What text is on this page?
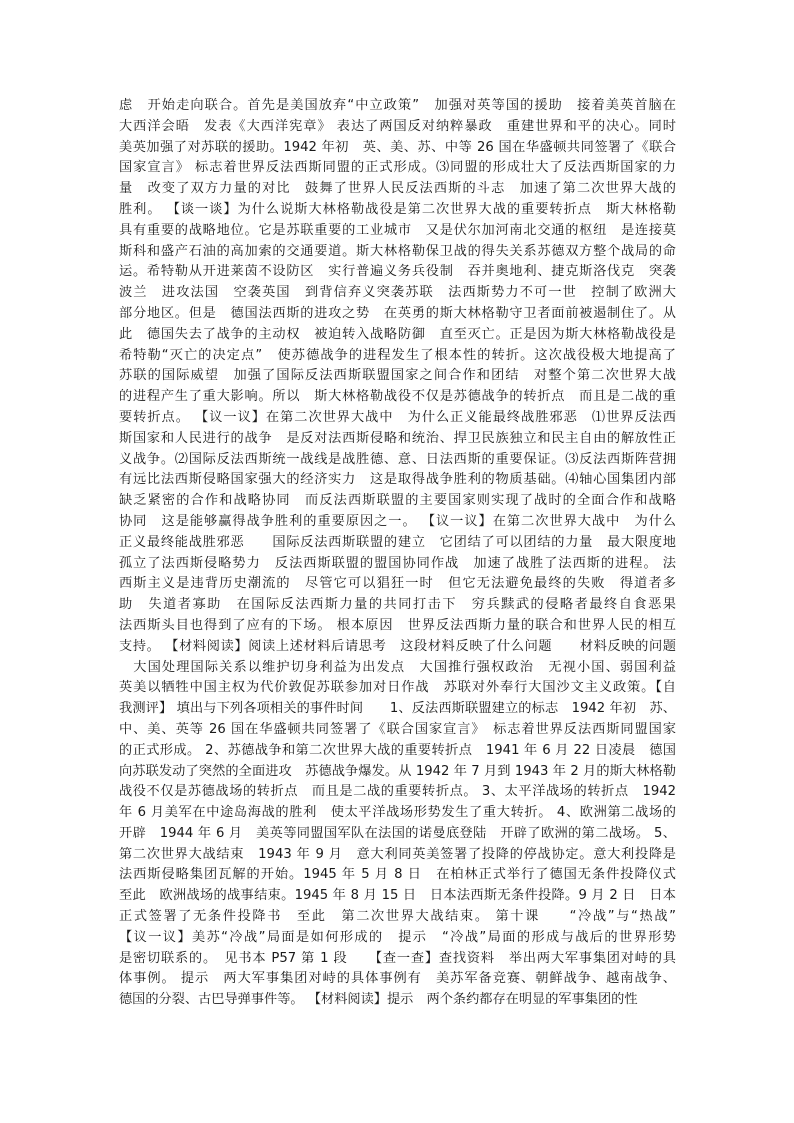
虑　开始走向联合。首先是美国放弃“中立政策”　加强对英等国的援助　接着美英首脑在
大西洋会晤　发表《大西洋宪章》 表达了两国反对纳粹暴政　重建世界和平的决心。同时
美英加强了对苏联的援助。1942 年初　英、美、苏、中等 26 国在华盛顿共同签署了《联合
国家宣言》 标志着世界反法西斯同盟的正式形成。⑶同盟的形成壮大了反法西斯国家的力
量　改变了双方力量的对比　鼓舞了世界人民反法西斯的斗志　加速了第二次世界大战的
胜利。 【谈一谈】为什么说斯大林格勒战役是第二次世界大战的重要转折点　斯大林格勒
具有重要的战略地位。它是苏联重要的工业城市　又是伏尔加河南北交通的枢纽　是连接莫
斯科和盛产石油的高加索的交通要道。斯大林格勒保卫战的得失关系苏德双方整个战局的命
运。希特勒从开进莱茵不设防区　实行普遍义务兵役制　吞并奥地利、捷克斯洛伐克　突袭
波兰　进攻法国　空袭英国　到背信弃义突袭苏联　法西斯势力不可一世　控制了欧洲大
部分地区。但是　德国法西斯的进攻之势　在英勇的斯大林格勒守卫者面前被遏制住了。从
此　德国失去了战争的主动权　被迫转入战略防御　直至灭亡。正是因为斯大林格勒战役是
希特勒“灭亡的决定点”　使苏德战争的进程发生了根本性的转折。这次战役极大地提高了
苏联的国际威望　加强了国际反法西斯联盟国家之间合作和团结　对整个第二次世界大战
的进程产生了重大影响。所以　斯大林格勒战役不仅是苏德战争的转折点　而且是二战的重
要转折点。 【议一议】在第二次世界大战中　为什么正义能最终战胜邪恶　⑴世界反法西
斯国家和人民进行的战争　是反对法西斯侵略和统治、捍卫民族独立和民主自由的解放性正
义战争。⑵国际反法西斯统一战线是战胜德、意、日法西斯的重要保证。⑶反法西斯阵营拥
有远比法西斯侵略国家强大的经济实力　这是取得战争胜利的物质基础。⑷轴心国集团内部
缺乏紧密的合作和战略协同　而反法西斯联盟的主要国家则实现了战时的全面合作和战略
协同　这是能够赢得战争胜利的重要原因之一。 【议一议】在第二次世界大战中　为什么
正义最终能战胜邪恶　　国际反法西斯联盟的建立　它团结了可以团结的力量　最大限度地
孤立了法西斯侵略势力　反法西斯联盟的盟国协同作战　加速了战胜了法西斯的进程。 法
西斯主义是违背历史潮流的　尽管它可以猖狂一时　但它无法避免最终的失败　得道者多
助　失道者寡助　在国际反法西斯力量的共同打击下　穷兵黩武的侵略者最终自食恶果
法西斯头目也得到了应有的下场。 根本原因　世界反法西斯力量的联合和世界人民的相互
支持。 【材料阅读】阅读上述材料后请思考　这段材料反映了什么问题　　材料反映的问题
　大国处理国际关系以维护切身利益为出发点　大国推行强权政治　无视小国、弱国利益
英美以牺牲中国主权为代价敦促苏联参加对日作战　苏联对外奉行大国沙文主义政策。【自
我测评】 填出与下列各项相关的事件时间　　1、反法西斯联盟建立的标志　1942 年初　苏、
中、美、英等 26 国在华盛顿共同签署了《联合国家宣言》　标志着世界反法西斯同盟国家
的正式形成。 2、苏德战争和第二次世界大战的重要转折点　1941 年 6 月 22 日凌晨　德国
向苏联发动了突然的全面进攻　苏德战争爆发。从 1942 年 7 月到 1943 年 2 月的斯大林格勒
战役不仅是苏德战场的转折点　而且是二战的重要转折点。 3、太平洋战场的转折点　1942
年 6 月美军在中途岛海战的胜利　使太平洋战场形势发生了重大转折。 4、欧洲第二战场的
开辟　1944 年 6 月　美英等同盟国军队在法国的诺曼底登陆　开辟了欧洲的第二战场。 5、
第二次世界大战结束　1943 年 9 月　意大利同英美签署了投降的停战协定。意大利投降是
法西斯侵略集团瓦解的开始。1945 年 5 月 8 日　在柏林正式举行了德国无条件投降仪式
至此　欧洲战场的战事结束。1945 年 8 月 15 日　日本法西斯无条件投降。9 月 2 日　日本
正式签署了无条件投降书　至此　第二次世界大战结束。 第十课　　“冷战”与“热战”
【议一议】美苏“冷战”局面是如何形成的　提示　“冷战”局面的形成与战后的世界形势
是密切联系的。　见书本 P57 第 1 段　　【查一查】查找资料　举出两大军事集团对峙的具
体事例。 提示　两大军事集团对峙的具体事例有　美苏军备竞赛、朝鲜战争、越南战争、
德国的分裂、古巴导弹事件等。 【材料阅读】提示　两个条约都存在明显的军事集团的性
